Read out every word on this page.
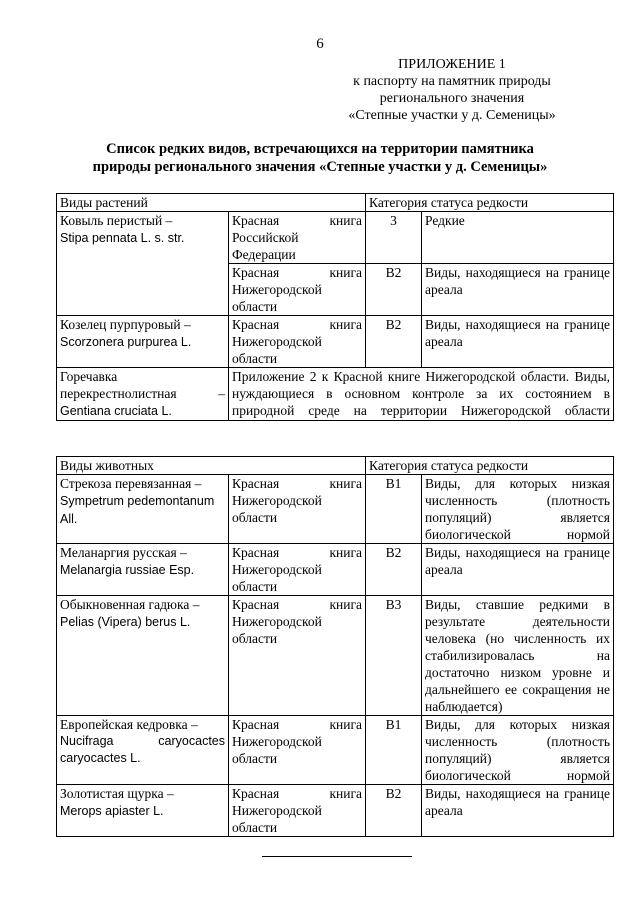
6
ПРИЛОЖЕНИЕ 1
к паспорту на памятник природы
регионального значения
«Степные участки у д. Семеницы»
Список редких видов, встречающихся на территории памятника
природы регионального значения «Степные участки у д. Семеницы»
Виды растений		Категория статуса редкости	
Ковыль перистый –
Stipa pennata L. s. str.	Красная книга Российской Федерации	3	Редкие
	Красная книга Нижегородской области	В2	Виды, находящиеся на границе ареала
Козелец пурпуровый –
Scorzonera purpurea L.	Красная книга Нижегородской области	В2	Виды, находящиеся на границе ареала

Горечавка перекрестнолистная –
Gentiana cruciata L.	Приложение 2 к Красной книге Нижегородской области. Виды, нуждающиеся в основном контроле за их состоянием в природной среде на территории Нижегородской области		
Виды животных		Категория статуса редкости	
Стрекоза перевязанная –
Sympetrum pedemontanum All.	Красная книга Нижегородской области	В1	Виды, для которых низкая численность (плотность популяций) является биологической нормой
Меланаргия русская –
Melanargia russiae Esp.	Красная книга Нижегородской области	В2	Виды, находящиеся на границе ареала
Обыкновенная гадюка –
Pelias (Vipera) berus L.	Красная книга Нижегородской области	В3	Виды, ставшие редкими в результате деятельности человека (но численность их стабилизировалась на достаточно низком уровне и дальнейшего ее сокращения не наблюдается)
Европейская кедровка –

Nucifraga caryocactes caryocactes L.	Красная книга Нижегородской области	В1	Виды, для которых низкая численность (плотность популяций) является биологической нормой
Золотистая щурка –
Merops apiaster L.	Красная книга Нижегородской области	В2	Виды, находящиеся на границе ареала
